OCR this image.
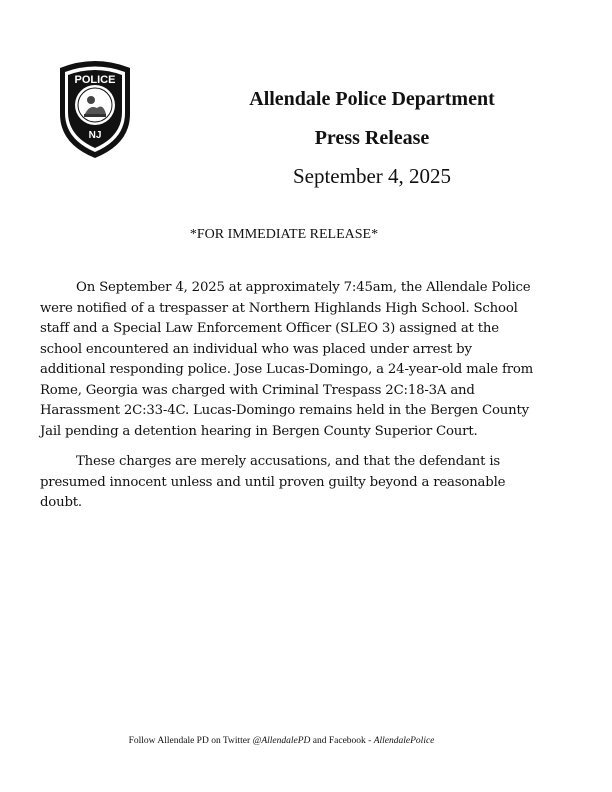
POLICE
NJ
Allendale Police Department
Press Release
September 4, 2025
*FOR IMMEDIATE RELEASE*

On September 4, 2025 at approximately 7:45am, the Allendale Police were notified of a trespasser at Northern Highlands High School. School staff and a Special Law Enforcement Officer (SLEO 3) assigned at the school encountered an individual who was placed under arrest by additional responding police. Jose Lucas-Domingo, a 24-year-old male from Rome, Georgia was charged with Criminal Trespass 2C:18-3A and Harassment 2C:33-4C. Lucas-Domingo remains held in the Bergen County Jail pending a detention hearing in Bergen County Superior Court.

These charges are merely accusations, and that the defendant is presumed innocent unless and until proven guilty beyond a reasonable doubt.

Follow Allendale PD on Twitter @AllendalePD and Facebook - AllendalePolice
